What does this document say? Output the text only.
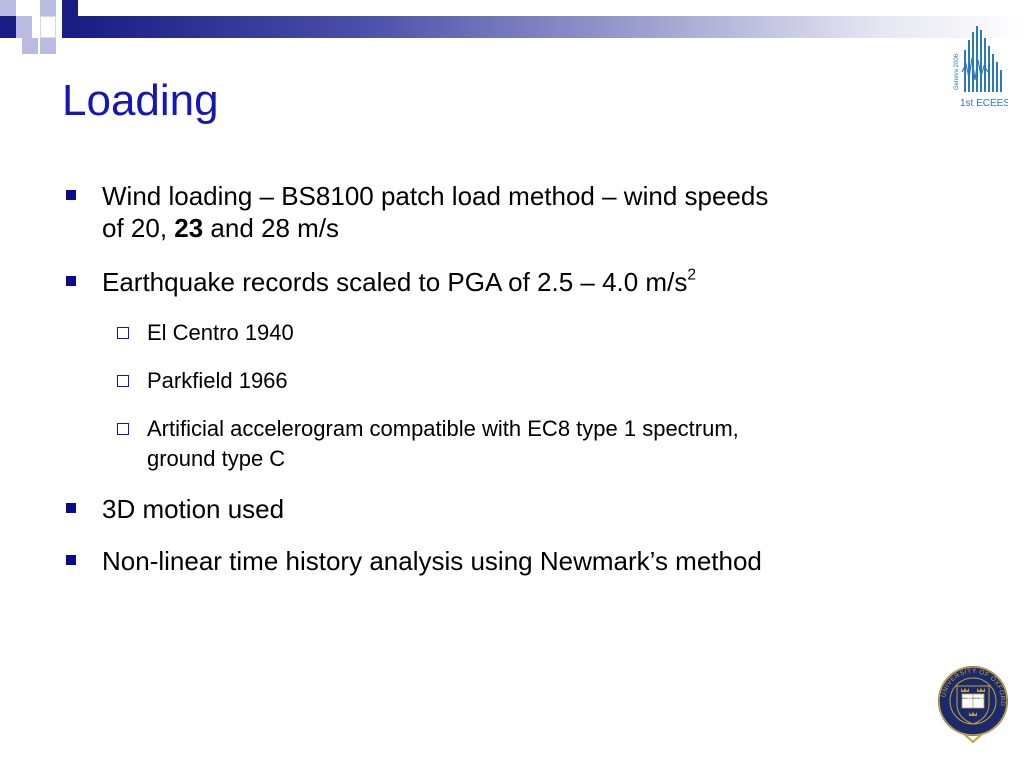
Geneva 2006
1st ECEES
Loading
Wind loading – BS8100 patch load method – wind speeds
of 20, 23 and 28 m/s
Earthquake records scaled to PGA of 2.5 – 4.0 $m/s^2$
El Centro 1940
Parkfield 1966
Artificial accelerogram compatible with EC8 type 1 spectrum,
ground type C
3D motion used
Non-linear time history analysis using Newmark’s method
UNIVERSITY OF OXFORD
DOMINUS ILLUMINATIO MEA
